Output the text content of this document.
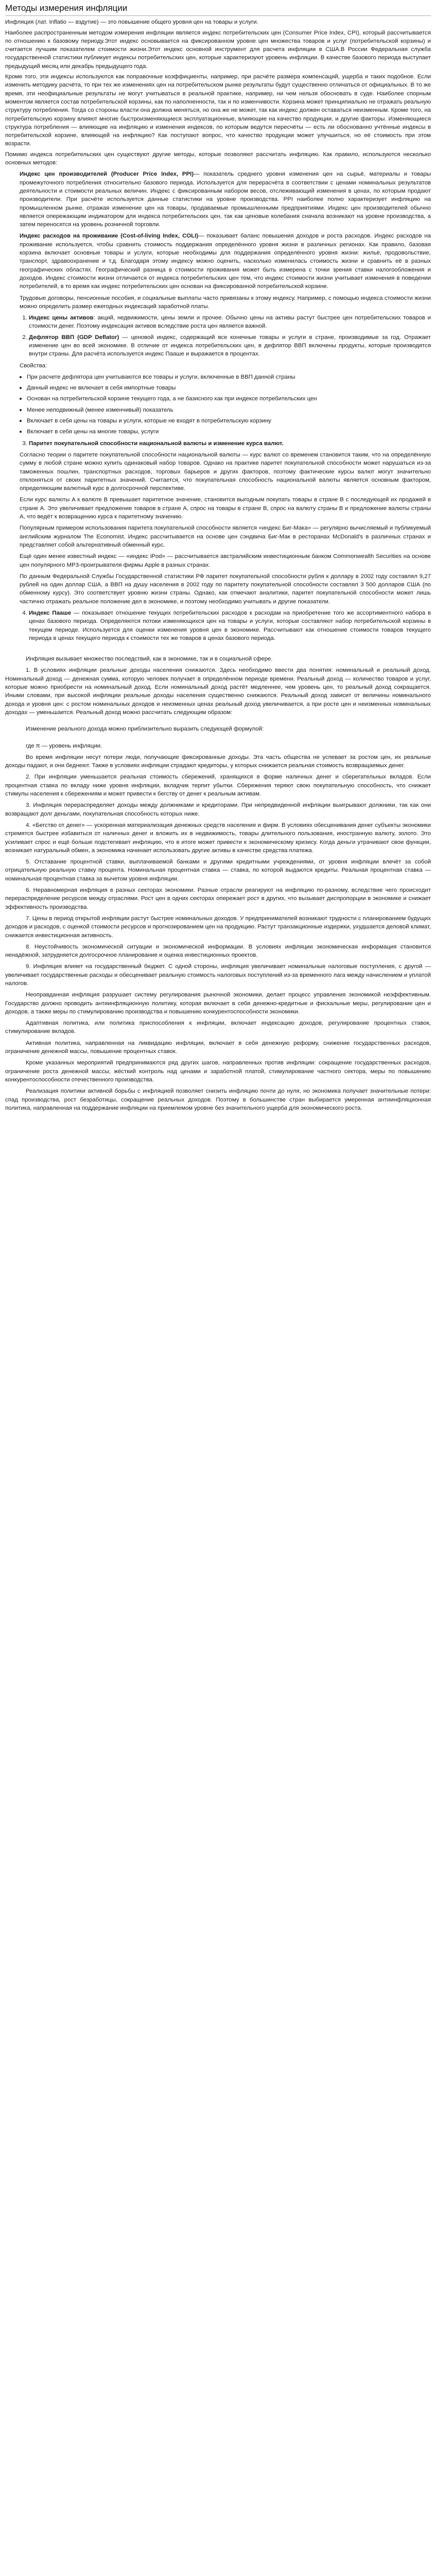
Методы измерения инфляции

Инфляция (лат. Inflatio — вздутие) — это повышение общего уровня цен на товары и услуги.

Наиболее распространенным методом измерения инфляции является индекс потребительских цен (Consumer Price Index, CPI), который рассчитывается по отношению к базовому периоду.Этот индекс основывается на фиксированном уровне цен множества товаров и услуг (потребительской корзины) и считается лучшим показателем стоимости жизни.Этот индекс основной инструмент для расчета инфляции в США.В России Федеральная служба государственной статистики публикует индексы потребительских цен, которые характеризуют уровень инфляции. В качестве базового периода выступает предыдущий месяц или декабрь предыдущего года.

Кроме того, эти индексы используются как поправочные коэффициенты, например, при расчёте размера компенсаций, ущерба и таких подобное. Если изменить методику расчёта, то при тех же изменениях цен на потребительском рынке результаты будут существенно отличаться от официальных. В то же время, эти неофициальные результаты не могут учитываться в реальной практике, например, ни чем нельзя обосновать в суде. Наиболее спорным моментом является состав потребительской корзины, как по наполненности, так и по изменчивости. Корзина может принципиально не отражать реальную структуру потребления. Тогда со стороны власти она должна меняться, но она же не может, так как индекс должен оставаться неизменным. Кроме того, на потребительскую корзину влияют многие быстроизменяющиеся эксплуатационные, влияющие на качество продукции, и другие факторы. Изменяющиеся структура потребления — влияющие на инфляцию и изменения индексов, по которым ведутся пересчёты — есть ли обоснованно учтённые индексы в потребительской корзине, влияющей на инфляцию? Как поступают вопрос, что качество продукции может улучшиться, но её стоимость при этом возрасти.

Помимо индекса потребительских цен существуют другие методы, которые позволяют рассчитать инфляцию. Как правило, используются несколько основных методов:

Индекс цен производителей (Producer Price Index, PPI)— показатель среднего уровня изменения цен на сырьё, материалы и товары промежуточного потребления относительно базового периода. Используется для перерасчёта в соответствии с ценами номинальных результатов деятельности и стоимости реальных величин. Индекс с фиксированным набором весов, отслеживающий изменения в ценах, по которым продают производители. При расчёте используется данные статистики на уровне производства. PPI наиболее полно характеризует инфляцию на промышленном рынке, отражая изменение цен на товары, продаваемые промышленными предприятиями. Индекс цен производителей обычно является опережающим индикатором для индекса потребительских цен, так как ценовые колебания сначала возникают на уровне производства, а затем переносятся на уровень розничной торговли.

Индекс расходов на проживание (Cost-of-living Index, COLI)— показывает баланс повышения доходов и роста расходов. Индекс расходов на проживание используется, чтобы сравнить стоимость поддержания определённого уровня жизни в различных регионах. Как правило, базовая корзина включает основные товары и услуги, которые необходимы для поддержания определённого уровня жизни: жильё, продовольствие, транспорт, здравоохранение и т.д. Благодаря этому индексу можно оценить, насколько изменилась стоимость жизни и сравнить её в разных географических областях. Географический разница в стоимости проживания может быть измерена с точки зрения ставки налогообложения и доходов. Индекс стоимости жизни отличается от индекса потребительских цен тем, что индекс стоимости жизни учитывает изменения в поведении потребителей, в то время как индекс потребительских цен основан на фиксированной потребительской корзине.

Трудовые договоры, пенсионные пособия, и социальные выплаты часто привязаны к этому индексу. Например, с помощью индекса стоимости жизни можно определить размер ежегодных индексаций заработной платы.

1. Индекс цены активов: акций, недвижимости, цены земли и прочее. Обычно цены на активы растут быстрее цен потребительских товаров и стоимости денег. Поэтому индексация активов вследствие роста цен является важной.
2. Дефлятор ВВП (GDP Deflator) — ценовой индекс, содержащий все конечные товары и услуги в стране, производимые за год. Отражает изменение цен во всей экономике. В отличие от индекса потребительских цен, в дефлятор ВВП включены продукты, которые производятся внутри страны. Для расчёта используется индекс Пааше и выражается в процентах.

Свойства:

При расчете дефлятора цен учитываются все товары и услуги, включенные в ВВП данной страны
Данный индекс не включает в себя импортные товары
Основан на потребительской корзине текущего года, а не базисного как при индексе потребительских цен
Менее неподвижный (менее изменчивый) показатель
Включает в себя цены на товары и услуги, которые не входят в потребительскую корзину
Включает в себя цены на многие товары, услуги
3. Паритет покупательной способности национальной валюты и изменение курса валют.

Согласно теории о паритете покупательной способности национальной валюты — курс валют со временем становится таким, что на определённую сумму в любой стране можно купить одинаковый набор товаров. Однако на практике паритет покупательной способности может нарушаться из-за таможенных пошлин, транспортных расходов, торговых барьеров и других факторов, поэтому фактические курсы валют могут значительно отклоняться от своих паритетных значений. Считается, что покупательная способность национальной валюты является основным фактором, определяющим валютный курс в долгосрочной перспективе.

Если курс валюты A к валюте B превышает паритетное значение, становится выгодным покупать товары в стране B с последующей их продажей в стране A. Это увеличивает предложение товаров в стране A, спрос на товары в стране B, спрос на валюту страны B и предложение валюты страны A, что ведёт к возвращению курса к паритетному значению.

Популярным примером использования паритета покупательной способности является «индекс Биг-Мака» — регулярно вычисляемый и публикуемый английским журналом The Economist. Индекс рассчитывается на основе цен сэндвича Биг-Мак в ресторанах McDonald's в различных странах и представляет собой альтернативный обменный курс.

Ещё один менее известный индекс — «индекс iPod» — рассчитывается австралийским инвестиционным банком Commonwealth Securities на основе цен популярного МР3-проигрывателя фирмы Apple в разных странах.

По данным Федеральной Службы Государственной статистики РФ паритет покупательной способности рубля к доллару в 2002 году составлял 9,27 рублей на один доллар США, а ВВП на душу населения в 2002 году по паритету покупательной способности составлял 3 500 долларов США (по обменному курсу). Это соответствует уровню жизни страны. Однако, как отмечают аналитики, паритет покупательной способности может лишь частично отражать реальное положение дел в экономике, и поэтому необходимо учитывать и другие показатели.

4. Индекс Пааше — показывает отношение текущих потребительских расходов к расходам на приобретение того же ассортиментного набора в ценах базового периода. Определяются потоки изменяющихся цен на товары и услуги, которые составляют набор потребительской корзины в текущем периоде. Используется для оценки изменения уровня цен в экономике. Рассчитывают как отношение стоимости товаров текущего периода в ценах текущего периода к стоимости тех же товаров в ценах базового периода.

Инфляция вызывает множество последствий, как в экономике, так и в социальной сфере.

1. В условиях инфляции реальные доходы населения снижаются. Здесь необходимо ввести два понятия: номинальный и реальный доход. Номинальный доход — денежная сумма, которую человек получает в определённом периоде времени. Реальный доход — количество товаров и услуг, которые можно приобрести на номинальный доход. Если номинальный доход растёт медленнее, чем уровень цен, то реальный доход сокращается. Иными словами, при высокой инфляции реальные доходы населения существенно снижаются. Реальный доход зависит от величины номинального дохода и уровня цен: с ростом номинальных доходов и неизменных ценах реальный доход увеличивается, а при росте цен и неизменных номинальных доходах — уменьшается. Реальный доход можно рассчитать следующим образом:

Изменение реального дохода можно приблизительно выразить следующей формулой:

где π — уровень инфляции.

Во время инфляции несут потери люди, получающие фиксированные доходы. Эта часть общества не успевает за ростом цен, их реальные доходы падают, и они беднеют. Также в условиях инфляции страдают кредиторы, у которых снижается реальная стоимость возвращаемых денег.

2. При инфляции уменьшается реальная стоимость сбережений, хранящихся в форме наличных денег и сберегательных вкладов. Если процентная ставка по вкладу ниже уровня инфляции, вкладчик терпит убытки. Сбережения теряют свою покупательную способность, что снижает стимулы населения к сбережениям и может привести к бегству от денег к реальным активам.

3. Инфляция перераспределяет доходы между должниками и кредиторами. При непредвиденной инфляции выигрывают должники, так как они возвращают долг деньгами, покупательная способность которых ниже.

4. «Бегство от денег» — ускоренная материализация денежных средств населения и фирм. В условиях обесценивания денег субъекты экономики стремятся быстрее избавиться от наличных денег и вложить их в недвижимость, товары длительного пользования, иностранную валюту, золото. Это усиливает спрос и ещё больше подстегивает инфляцию, что в итоге может привести к экономическому кризису. Когда деньги утрачивают свои функции, возникает натуральный обмен, а экономика начинает использовать другие активы в качестве средства платежа.

5. Отставание процентной ставки, выплачиваемой банками и другими кредитными учреждениями, от уровня инфляции влечёт за собой отрицательную реальную ставку процента. Номинальная процентная ставка — ставка, по которой выдаются кредиты. Реальная процентная ставка — номинальная процентная ставка за вычетом уровня инфляции.

6. Неравномерная инфляция в разных секторах экономики. Разные отрасли реагируют на инфляцию по-разному, вследствие чего происходит перераспределение ресурсов между отраслями. Рост цен в одних секторах опережает рост в других, что вызывает диспропорции в экономике и снижает эффективность производства.

7. Цены в период открытой инфляции растут быстрее номинальных доходов. У предпринимателей возникают трудности с планированием будущих доходов и расходов, с оценкой стоимости ресурсов и прогнозированием цен на продукцию. Растут транзакционные издержки, ухудшается деловой климат, снижается инвестиционная активность.

8. Неустойчивость экономической ситуации и экономической информации. В условиях инфляции экономическая информация становится ненадёжной, затрудняется долгосрочное планирование и оценка инвестиционных проектов.

9. Инфляция влияет на государственный бюджет. С одной стороны, инфляция увеличивает номинальные налоговые поступления, с другой — увеличивает государственные расходы и обесценивает реальную стоимость налоговых поступлений из-за временного лага между начислением и уплатой налогов.

Неоправданная инфляция разрушает систему регулирования рыночной экономики, делает процесс управления экономикой неэффективным. Государство должно проводить антиинфляционную политику, которая включает в себя денежно-кредитные и фискальные меры, регулирование цен и доходов, а также меры по стимулированию производства и повышению конкурентоспособности экономики.

Адаптивная политика, или политика приспособления к инфляции, включает индексацию доходов, регулирование процентных ставок, стимулирование вкладов.

Активная политика, направленная на ликвидацию инфляции, включает в себя денежную реформу, снижение государственных расходов, ограничение денежной массы, повышение процентных ставок.

Кроме указанных мероприятий предпринимаются ряд других шагов, направленных против инфляции: сокращение государственных расходов, ограничение роста денежной массы, жёсткий контроль над ценами и заработной платой, стимулирование частного сектора, меры по повышению конкурентоспособности отечественного производства.

Реализация политики активной борьбы с инфляцией позволяет снизить инфляцию почти до нуля, но экономика получает значительные потери: спад производства, рост безработицы, сокращение реальных доходов. Поэтому в большинстве стран выбирается умеренная антиинфляционная политика, направленная на поддержание инфляции на приемлемом уровне без значительного ущерба для экономического роста.
